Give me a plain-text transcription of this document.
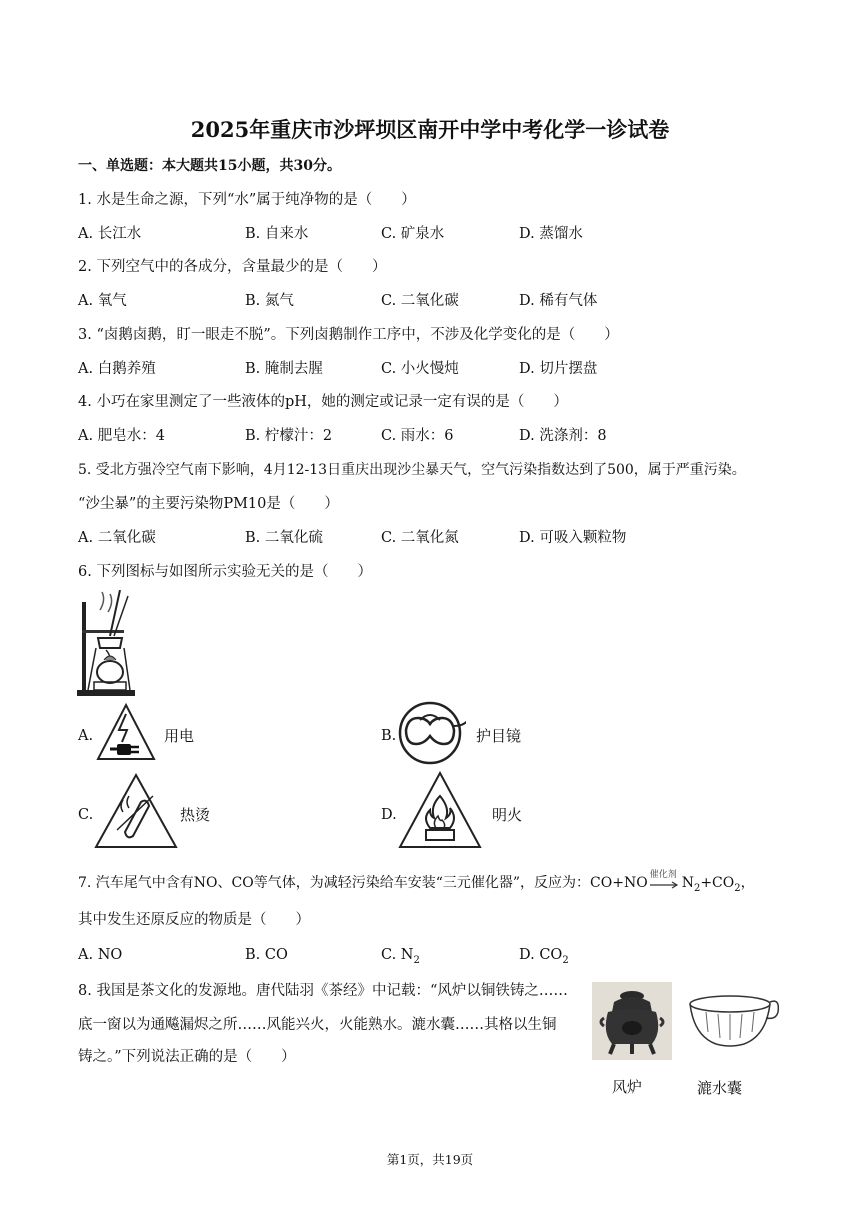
2025年重庆市沙坪坝区南开中学中考化学一诊试卷
一、单选题：本大题共15小题，共30分。
1. 水是生命之源，下列“水”属于纯净物的是（　　）
A. 长江水	B. 自来水	C. 矿泉水	D. 蒸馏水
2. 下列空气中的各成分，含量最少的是（　　）
A. 氧气	B. 氮气	C. 二氧化碳	D. 稀有气体
3. “卤鹅卤鹅，盯一眼走不脱”。下列卤鹅制作工序中，不涉及化学变化的是（　　）
A. 白鹅养殖	B. 腌制去腥	C. 小火慢炖	D. 切片摆盘
4. 小巧在家里测定了一些液体的pH，她的测定或记录一定有误的是（　　）
A. 肥皂水：4	B. 柠檬汁：2	C. 雨水：6	D. 洗涤剂：8
5. 受北方强冷空气南下影响，4月12-13日重庆出现沙尘暴天气，空气污染指数达到了500，属于严重污染。
“沙尘暴”的主要污染物PM10是（　　）
A. 二氧化碳	B. 二氧化硫	C. 二氧化氮	D. 可吸入颗粒物
6. 下列图标与如图所示实验无关的是（　　）
A.	用电	B.	护目镜
C.	热烫	D.	明火
7. 汽车尾气中含有NO、CO等气体，为减轻污染给车安装“三元催化器”，反应为：CO+NO 催化剂 $N_2+CO_2$，
其中发生还原反应的物质是（　　）
A. NO	B. CO	C. $N_2$	D. $CO_2$
8. 我国是茶文化的发源地。唐代陆羽《茶经》中记载：“风炉以铜铁铸之……
底一窗以为通飚漏烬之所……风能兴火，火能熟水。漉水囊……其格以生铜
铸之。”下列说法正确的是（　　）
风炉	漉水囊
第1页，共19页
